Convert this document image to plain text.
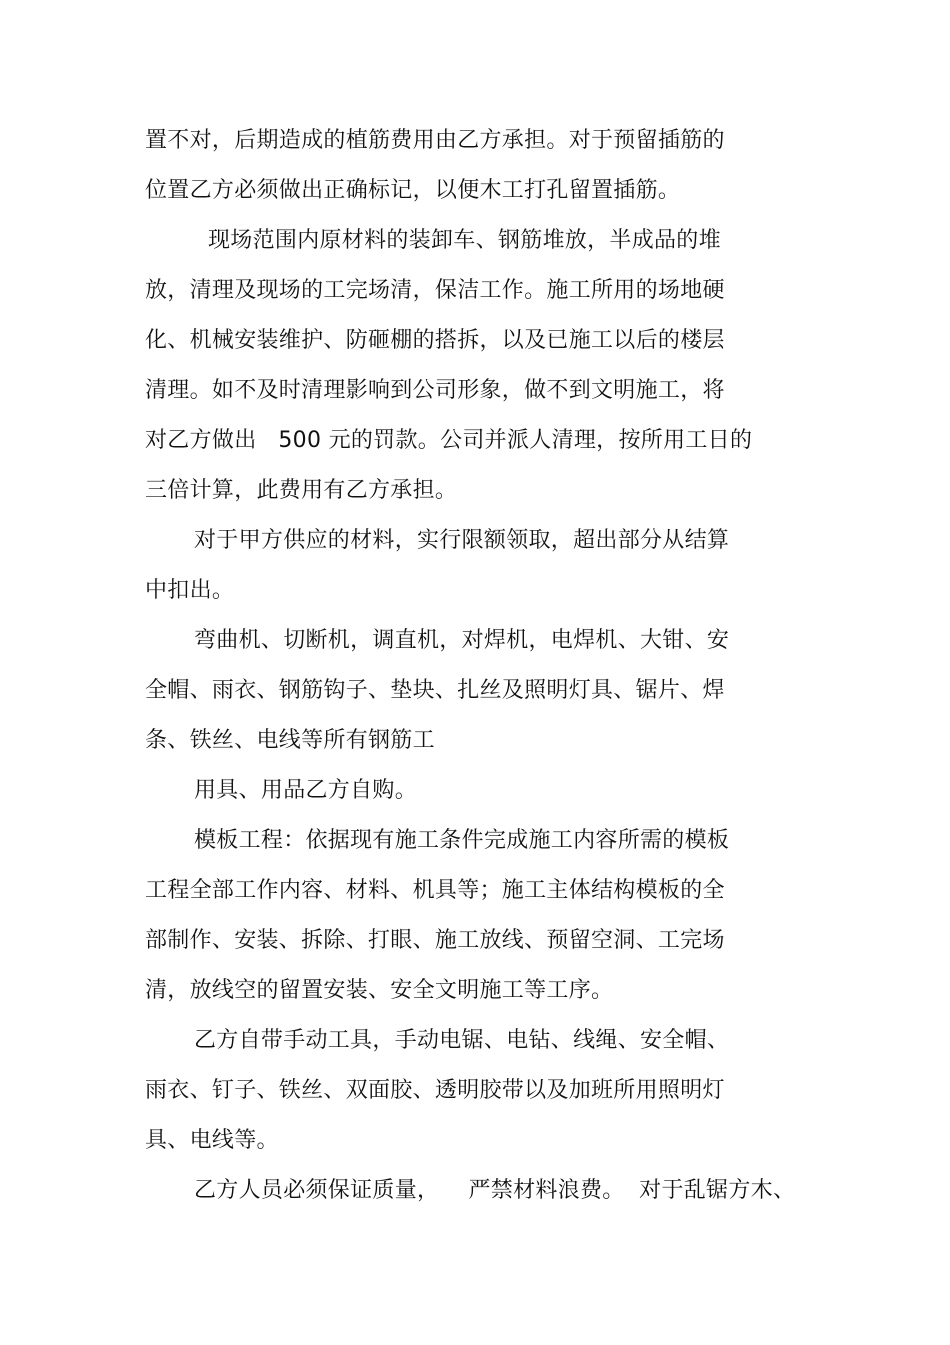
置不对，后期造成的植筋费用由乙方承担。对于预留插筋的
位置乙方必须做出正确标记，以便木工打孔留置插筋。
现场范围内原材料的装卸车、钢筋堆放，半成品的堆
放，清理及现场的工完场清，保洁工作。施工所用的场地硬
化、机械安装维护、防砸棚的搭拆，以及已施工以后的楼层
清理。如不及时清理影响到公司形象，做不到文明施工，将
对乙方做出   500 元的罚款。公司并派人清理，按所用工日的
三倍计算，此费用有乙方承担。
对于甲方供应的材料，实行限额领取，超出部分从结算
中扣出。
弯曲机、切断机，调直机，对焊机，电焊机、大钳、安
全帽、雨衣、钢筋钩子、垫块、扎丝及照明灯具、锯片、焊
条、铁丝、电线等所有钢筋工
用具、用品乙方自购。
模板工程：依据现有施工条件完成施工内容所需的模板
工程全部工作内容、材料、机具等；施工主体结构模板的全
部制作、安装、拆除、打眼、施工放线、预留空洞、工完场
清，放线空的留置安装、安全文明施工等工序。
乙方自带手动工具，手动电锯、电钻、线绳、安全帽、
雨衣、钉子、铁丝、双面胶、透明胶带以及加班所用照明灯
具、电线等。
乙方人员必须保证质量，    严禁材料浪费。  对于乱锯方木、
